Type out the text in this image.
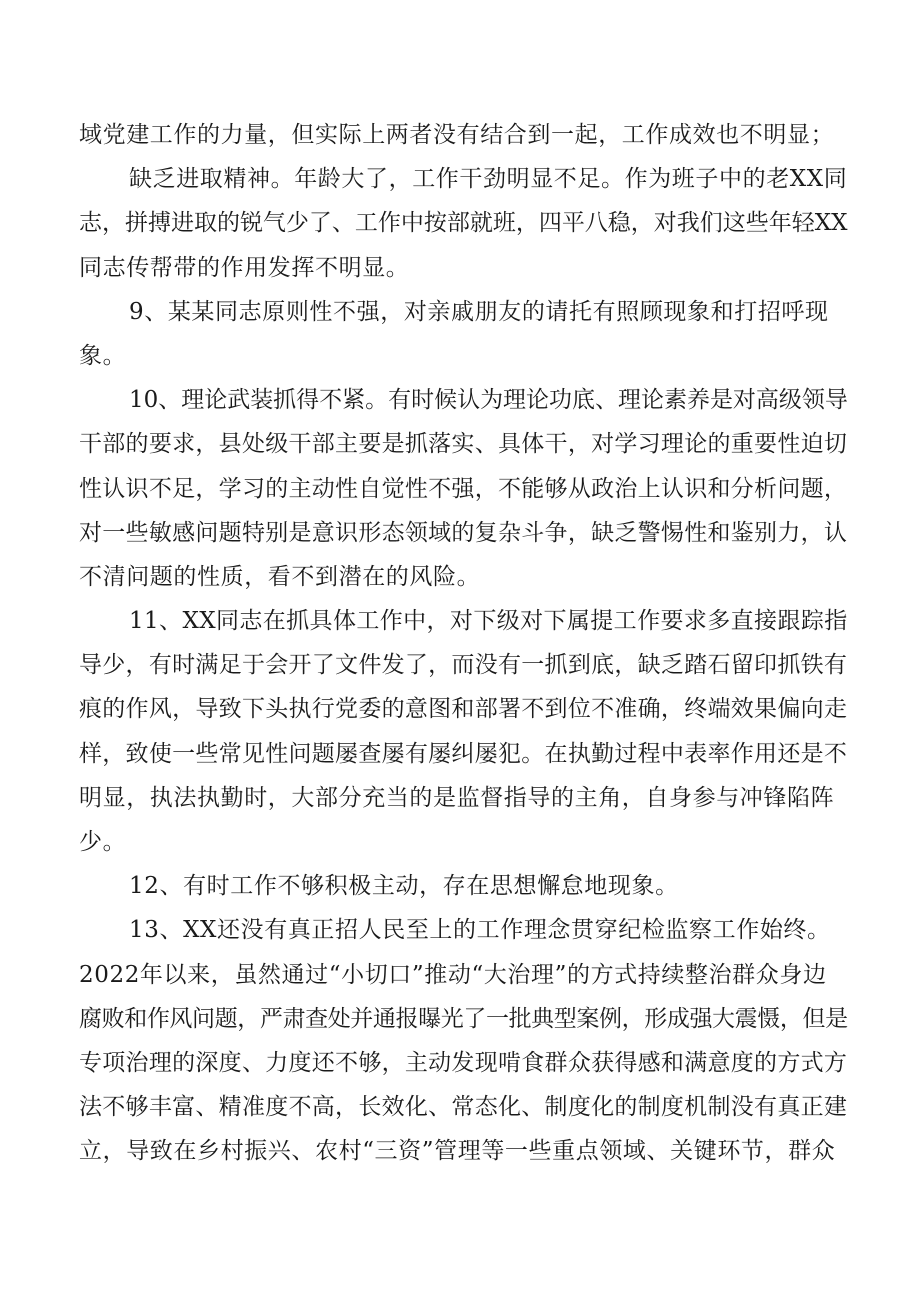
域党建工作的力量，但实际上两者没有结合到一起，工作成效也不明显；
缺乏进取精神。年龄大了，工作干劲明显不足。作为班子中的老XX同
志，拼搏进取的锐气少了、工作中按部就班，四平八稳，对我们这些年轻XX
同志传帮带的作用发挥不明显。
9、某某同志原则性不强，对亲戚朋友的请托有照顾现象和打招呼现
象。
10、理论武装抓得不紧。有时候认为理论功底、理论素养是对高级领导
干部的要求，县处级干部主要是抓落实、具体干，对学习理论的重要性迫切
性认识不足，学习的主动性自觉性不强，不能够从政治上认识和分析问题，
对一些敏感问题特别是意识形态领域的复杂斗争，缺乏警惕性和鉴别力，认
不清问题的性质，看不到潜在的风险。
11、XX同志在抓具体工作中，对下级对下属提工作要求多直接跟踪指
导少，有时满足于会开了文件发了，而没有一抓到底，缺乏踏石留印抓铁有
痕的作风，导致下头执行党委的意图和部署不到位不准确，终端效果偏向走
样，致使一些常见性问题屡查屡有屡纠屡犯。在执勤过程中表率作用还是不
明显，执法执勤时，大部分充当的是监督指导的主角，自身参与冲锋陷阵
少。
12、有时工作不够积极主动，存在思想懈怠地现象。
13、XX还没有真正招人民至上的工作理念贯穿纪检监察工作始终。
2022年以来，虽然通过“小切口”推动“大治理”的方式持续整治群众身边
腐败和作风问题，严肃查处并通报曝光了一批典型案例，形成强大震慑，但是
专项治理的深度、力度还不够，主动发现啃食群众获得感和满意度的方式方
法不够丰富、精准度不高，长效化、常态化、制度化的制度机制没有真正建
立，导致在乡村振兴、农村“三资”管理等一些重点领域、关键环节，群众
